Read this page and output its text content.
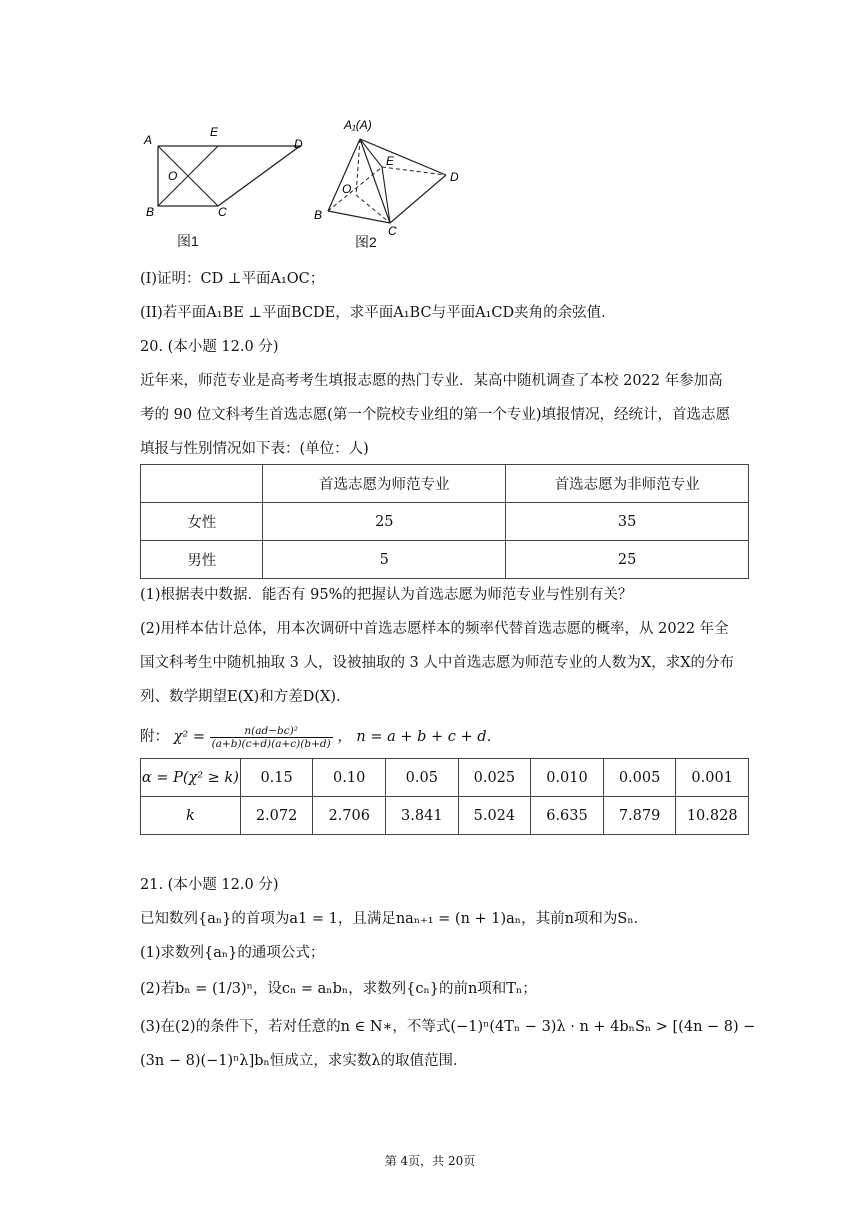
A
E
D
O
B	C
图1
A₁(A)
E
D
O
B
C
图2
(I)证明：CD ⊥平面A₁OC；
(II)若平面A₁BE ⊥平面BCDE，求平面A₁BC与平面A₁CD夹角的余弦值．
20. (本小题 12.0 分)
近年来，师范专业是高考考生填报志愿的热门专业．某高中随机调查了本校 2022 年参加高
考的 90 位文科考生首选志愿(第一个院校专业组的第一个专业)填报情况，经统计，首选志愿
填报与性别情况如下表：(单位：人)
	首选志愿为师范专业	首选志愿为非师范专业
女性	25	35
男性	5	25
(1)根据表中数据．能否有 95%的把握认为首选志愿为师范专业与性别有关？
(2)用样本估计总体，用本次调研中首选志愿样本的频率代替首选志愿的概率，从 2022 年全
国文科考生中随机抽取 3 人，设被抽取的 3 人中首选志愿为师范专业的人数为X，求X的分布
列、数学期望E(X)和方差D(X)．
附： $\chi^2 = \frac{\text{n(ad−bc)²}}{(a+b)(c+d)(a+c)(b+d)}$ ， n = a + b + c + d．
α = P(χ² ≥ k)	0.15	0.10	0.05	0.025	0.010	0.005	0.001
k	2.072	2.706	3.841	5.024	6.635	7.879	10.828
21. (本小题 12.0 分)
已知数列{aₙ}的首项为a1 = 1，且满足naₙ₊₁ = (n + 1)aₙ，其前n项和为Sₙ．
(1)求数列{aₙ}的通项公式；
(2)若bₙ = (1/3)ⁿ，设cₙ = aₙbₙ，求数列{cₙ}的前n项和Tₙ；
(3)在(2)的条件下，若对任意的n ∈ N∗，不等式(−1)ⁿ(4Tₙ − 3)λ · n + 4bₙSₙ > [(4n − 8) −
(3n − 8)(−1)ⁿλ]bₙ恒成立，求实数λ的取值范围．
第 4页，共 20页
